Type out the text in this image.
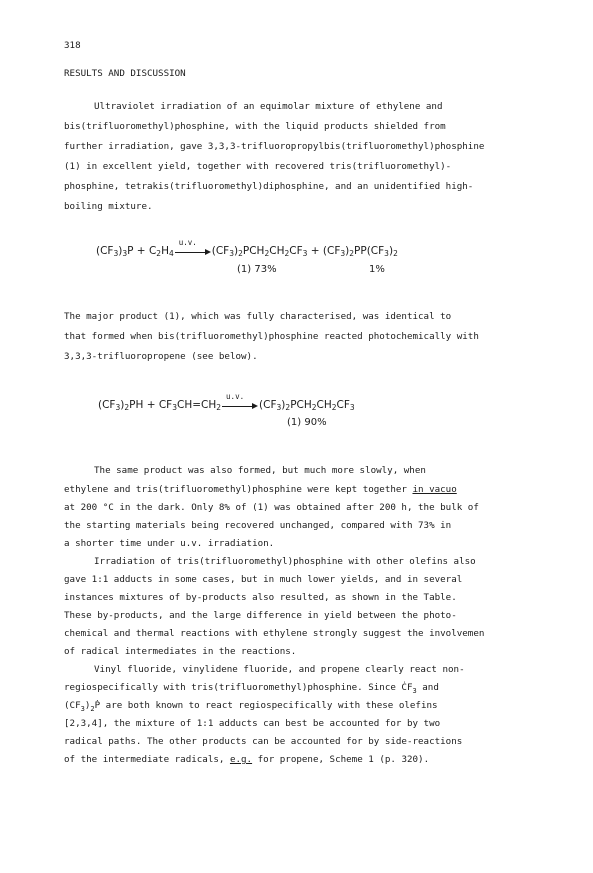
318
RESULTS AND DISCUSSION
Ultraviolet irradiation of an equimolar mixture of ethylene and
bis(trifluoromethyl)phosphine, with the liquid products shielded from
further irradiation, gave 3,3,3-trifluoropropylbis(trifluoromethyl)phosphine
(1) in excellent yield, together with recovered tris(trifluoromethyl)-
phosphine, tetrakis(trifluoromethyl)diphosphine, and an unidentified high-
boiling mixture.
$(CF_3)_3P + C_2H_4$
u.v.
$(CF_3)_2PCH_2CH_2CF_3 + (CF_3)_2PP(CF_3)_2$
(1) 73%	1%
The major product (1), which was fully characterised, was identical to
that formed when bis(trifluoromethyl)phosphine reacted photochemically with
3,3,3-trifluoropropene (see below).
$(CF_3)_2PH + CF_3CH=CH_2$
u.v.
$(CF_3)_2PCH_2CH_2CF_3$
(1) 90%
The same product was also formed, but much more slowly, when
ethylene and tris(trifluoromethyl)phosphine were kept together in vacuo
at 200 °C in the dark. Only 8% of (1) was obtained after 200 h, the bulk of
the starting materials being recovered unchanged, compared with 73% in
a shorter time under u.v. irradiation.
Irradiation of tris(trifluoromethyl)phosphine with other olefins also
gave 1:1 adducts in some cases, but in much lower yields, and in several
instances mixtures of by-products also resulted, as shown in the Table.
These by-products, and the large difference in yield between the photo-
chemical and thermal reactions with ethylene strongly suggest the involvemen
of radical intermediates in the reactions.
Vinyl fluoride, vinylidene fluoride, and propene clearly react non-
regiospecifically with tris(trifluoromethyl)phosphine. Since $ĊF_3$ and
$(CF_3)_2Ṗ$ are both known to react regiospecifically with these olefins
[2,3,4], the mixture of 1:1 adducts can best be accounted for by two
radical paths. The other products can be accounted for by side-reactions
of the intermediate radicals, e.g. for propene, Scheme 1 (p. 320).
